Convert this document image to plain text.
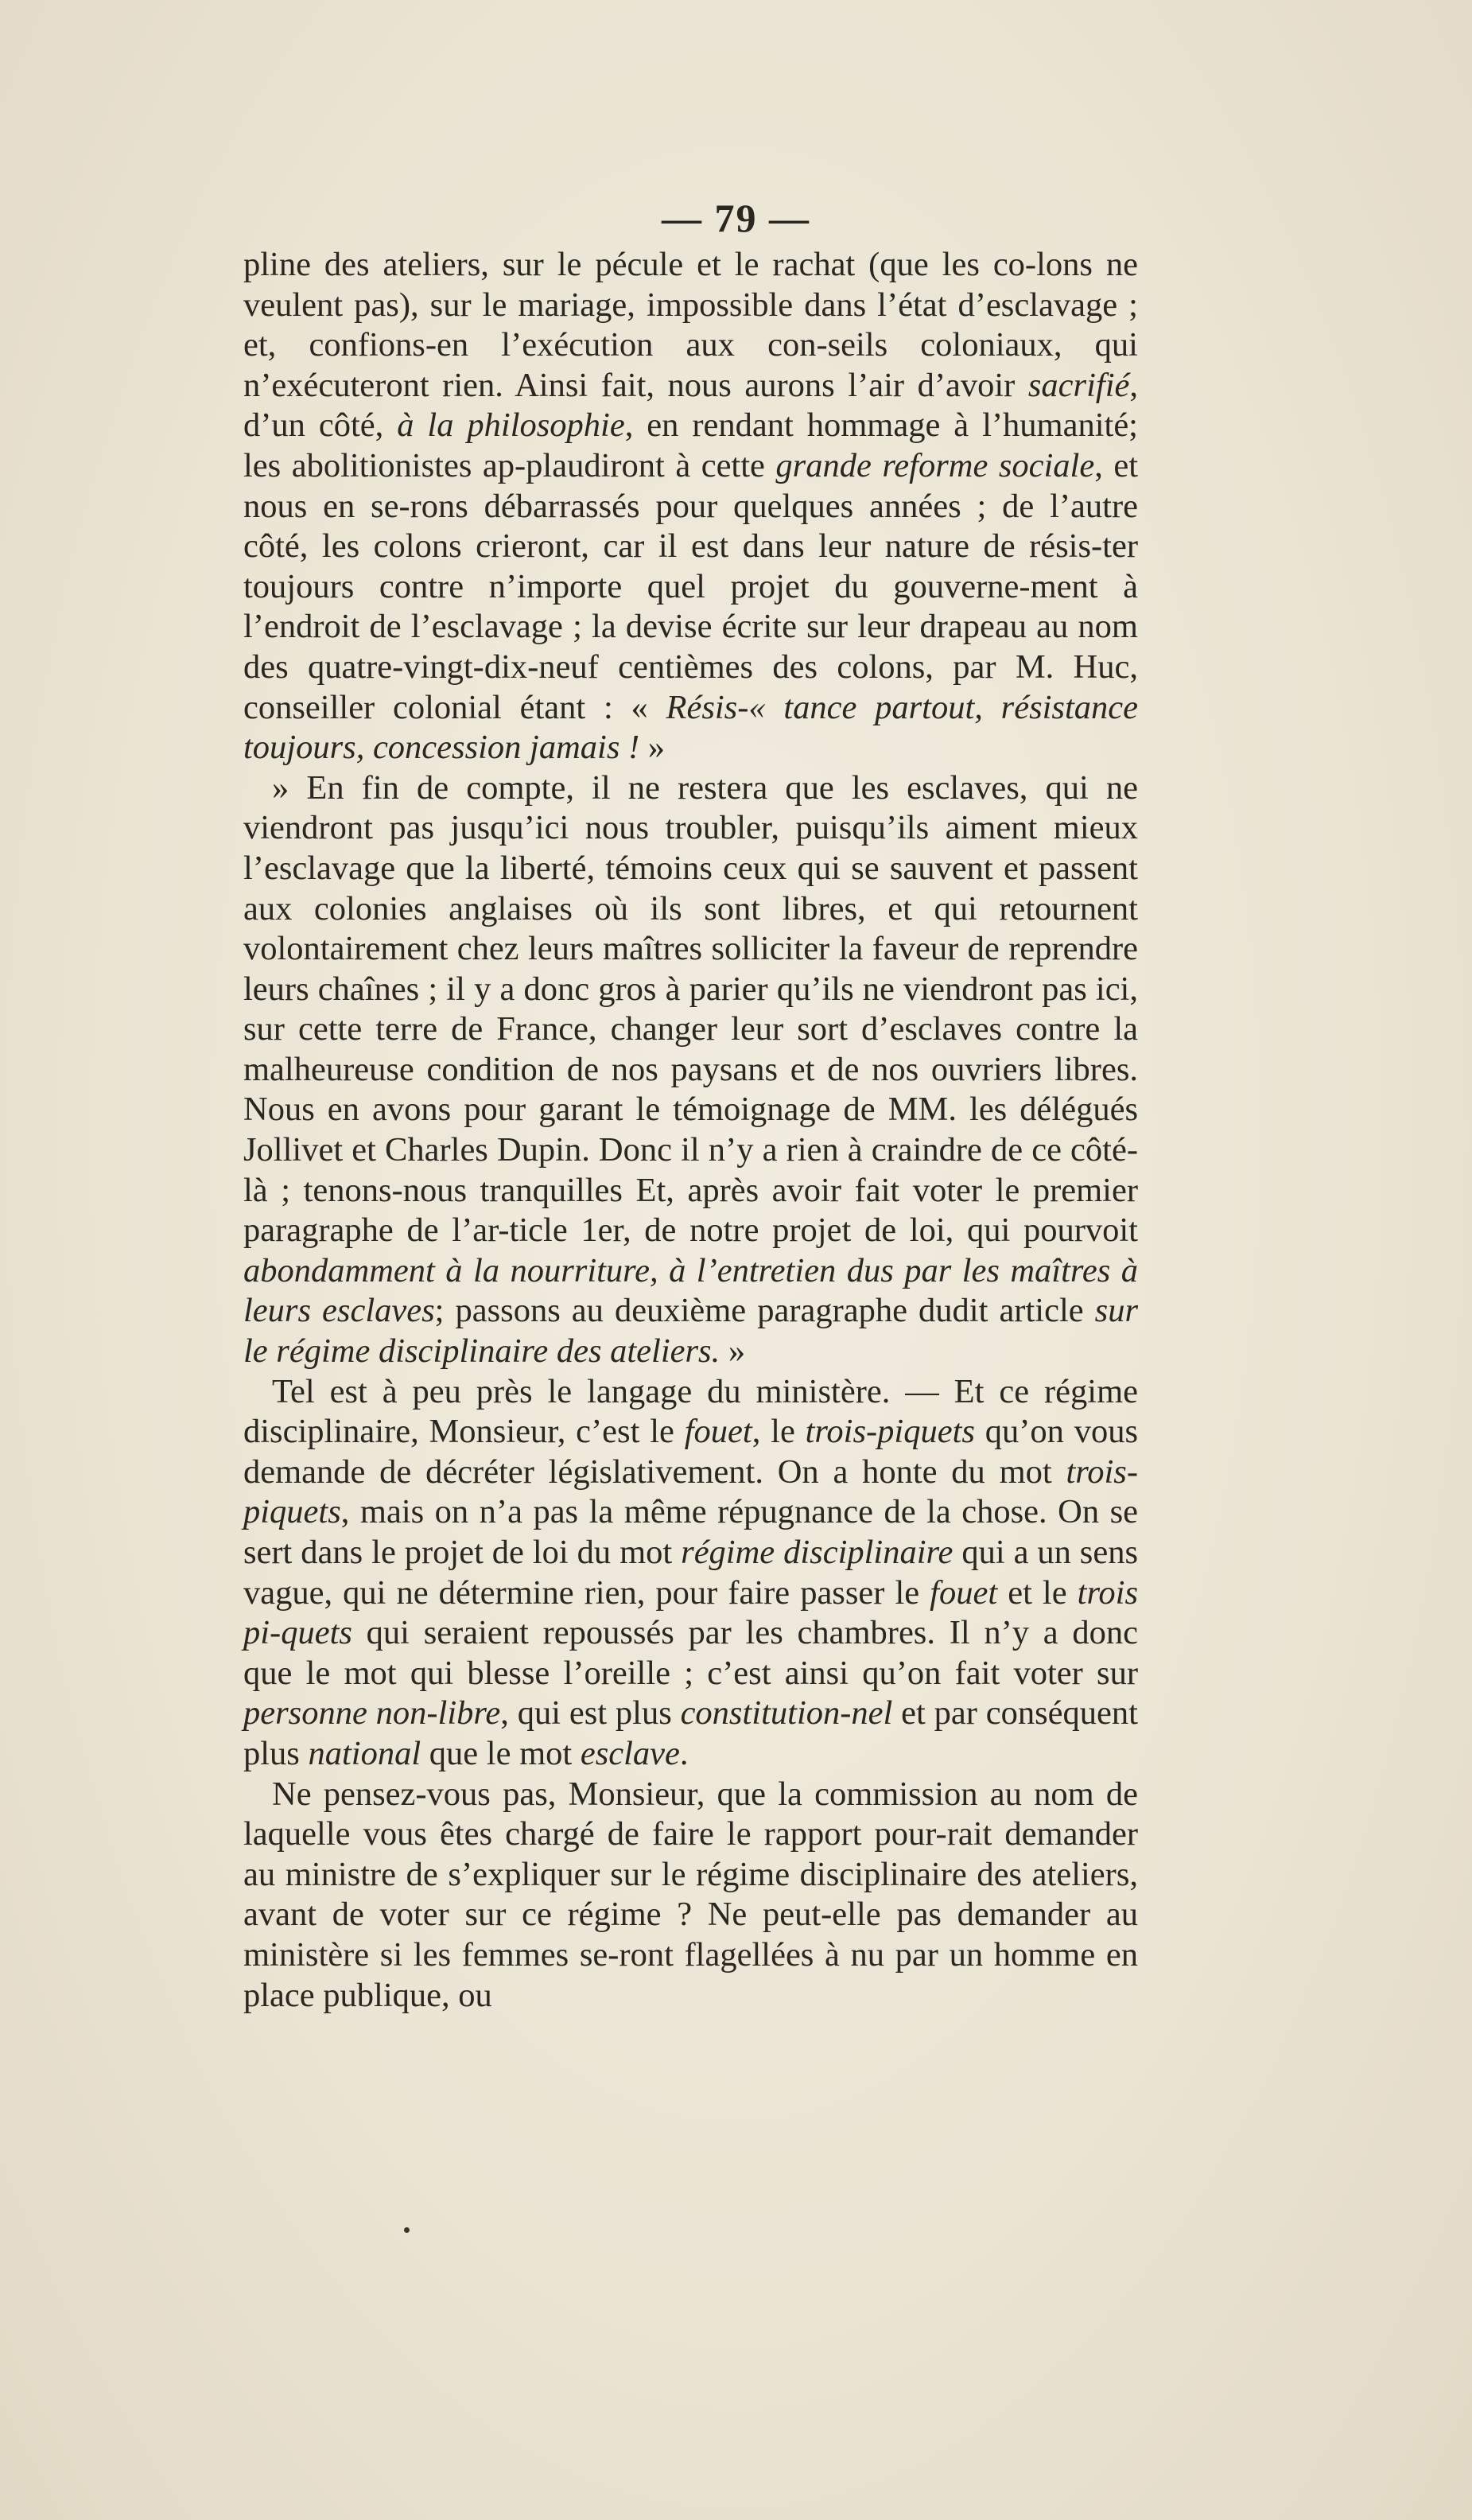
— 79 —

pline des ateliers, sur le pécule et le rachat (que les co-lons ne veulent pas), sur le mariage, impossible dans l’état d’esclavage ; et, confions-en l’exécution aux con-seils coloniaux, qui n’exécuteront rien. Ainsi fait, nous aurons l’air d’avoir sacrifié, d’un côté, à la philosophie, en rendant hommage à l’humanité; les abolitionistes ap-plaudiront à cette grande reforme sociale, et nous en se-rons débarrassés pour quelques années ; de l’autre côté, les colons crieront, car il est dans leur nature de résis-ter toujours contre n’importe quel projet du gouverne-ment à l’endroit de l’esclavage ; la devise écrite sur leur drapeau au nom des quatre-vingt-dix-neuf centièmes des colons, par M. Huc, conseiller colonial étant : « Résis-« tance partout, résistance toujours, concession jamais ! »

» En fin de compte, il ne restera que les esclaves, qui ne viendront pas jusqu’ici nous troubler, puisqu’ils aiment mieux l’esclavage que la liberté, témoins ceux qui se sauvent et passent aux colonies anglaises où ils sont libres, et qui retournent volontairement chez leurs maîtres solliciter la faveur de reprendre leurs chaînes ; il y a donc gros à parier qu’ils ne viendront pas ici, sur cette terre de France, changer leur sort d’esclaves contre la malheureuse condition de nos paysans et de nos ouvriers libres. Nous en avons pour garant le témoignage de MM. les délégués Jollivet et Charles Dupin. Donc il n’y a rien à craindre de ce côté-là ; tenons-nous tranquilles Et, après avoir fait voter le premier paragraphe de l’ar-ticle 1er, de notre projet de loi, qui pourvoit abondamment à la nourriture, à l’entretien dus par les maîtres à leurs esclaves; passons au deuxième paragraphe dudit article sur le régime disciplinaire des ateliers. »

Tel est à peu près le langage du ministère. — Et ce régime disciplinaire, Monsieur, c’est le fouet, le trois-piquets qu’on vous demande de décréter législativement. On a honte du mot trois-piquets, mais on n’a pas la même répugnance de la chose. On se sert dans le projet de loi du mot régime disciplinaire qui a un sens vague, qui ne détermine rien, pour faire passer le fouet et le trois pi-quets qui seraient repoussés par les chambres. Il n’y a donc que le mot qui blesse l’oreille ; c’est ainsi qu’on fait voter sur personne non-libre, qui est plus constitution-nel et par conséquent plus national que le mot esclave.

Ne pensez-vous pas, Monsieur, que la commission au nom de laquelle vous êtes chargé de faire le rapport pour-rait demander au ministre de s’expliquer sur le régime disciplinaire des ateliers, avant de voter sur ce régime ? Ne peut-elle pas demander au ministère si les femmes se-ront flagellées à nu par un homme en place publique, ou
